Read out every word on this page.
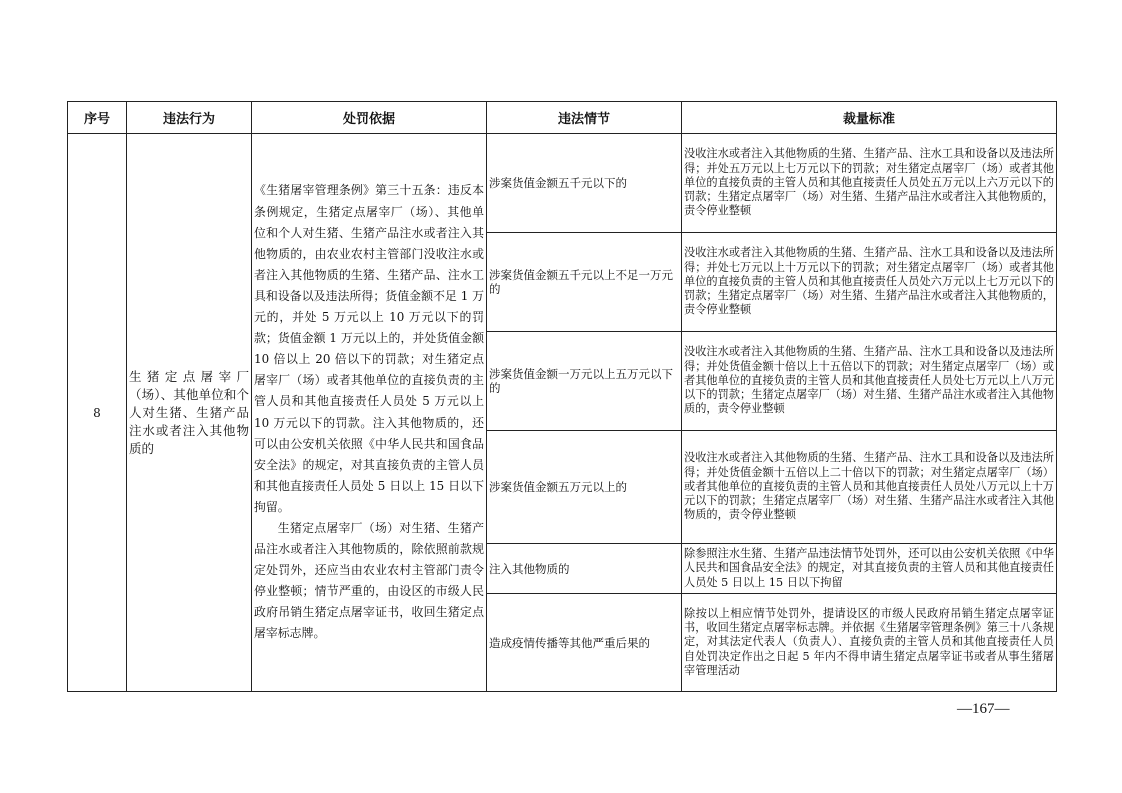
序号	违法行为	处罚依据	违法情节	裁量标准
8	生猪定点屠宰厂（场）、其他单位和个人对生猪、生猪产品注水或者注入其他物质的	《生猪屠宰管理条例》第三十五条：违反本条例规定，生猪定点屠宰厂（场）、其他单位和个人对生猪、生猪产品注水或者注入其他物质的，由农业农村主管部门没收注水或者注入其他物质的生猪、生猪产品、注水工具和设备以及违法所得；货值金额不足 1 万元的，并处 5 万元以上 10 万元以下的罚款；货值金额 1 万元以上的，并处货值金额 10 倍以上 20 倍以下的罚款；对生猪定点屠宰厂（场）或者其他单位的直接负责的主管人员和其他直接责任人员处 5 万元以上 10 万元以下的罚款。注入其他物质的，还可以由公安机关依照《中华人民共和国食品安全法》的规定，对其直接负责的主管人员和其他直接责任人员处 5 日以上 15 日以下拘留。

生猪定点屠宰厂（场）对生猪、生猪产品注水或者注入其他物质的，除依照前款规定处罚外，还应当由农业农村主管部门责令停业整顿；情节严重的，由设区的市级人民政府吊销生猪定点屠宰证书，收回生猪定点屠宰标志牌。	涉案货值金额五千元以下的	没收注水或者注入其他物质的生猪、生猪产品、注水工具和设备以及违法所得；并处五万元以上七万元以下的罚款；对生猪定点屠宰厂（场）或者其他单位的直接负责的主管人员和其他直接责任人员处五万元以上六万元以下的罚款；生猪定点屠宰厂（场）对生猪、生猪产品注水或者注入其他物质的，责令停业整顿
			涉案货值金额五千元以上不足一万元的	没收注水或者注入其他物质的生猪、生猪产品、注水工具和设备以及违法所得；并处七万元以上十万元以下的罚款；对生猪定点屠宰厂（场）或者其他单位的直接负责的主管人员和其他直接责任人员处六万元以上七万元以下的罚款；生猪定点屠宰厂（场）对生猪、生猪产品注水或者注入其他物质的，责令停业整顿
			涉案货值金额一万元以上五万元以下的	没收注水或者注入其他物质的生猪、生猪产品、注水工具和设备以及违法所得；并处货值金额十倍以上十五倍以下的罚款；对生猪定点屠宰厂（场）或者其他单位的直接负责的主管人员和其他直接责任人员处七万元以上八万元以下的罚款；生猪定点屠宰厂（场）对生猪、生猪产品注水或者注入其他物质的，责令停业整顿
			涉案货值金额五万元以上的	没收注水或者注入其他物质的生猪、生猪产品、注水工具和设备以及违法所得；并处货值金额十五倍以上二十倍以下的罚款；对生猪定点屠宰厂（场）或者其他单位的直接负责的主管人员和其他直接责任人员处八万元以上十万元以下的罚款；生猪定点屠宰厂（场）对生猪、生猪产品注水或者注入其他物质的，责令停业整顿
			注入其他物质的	除参照注水生猪、生猪产品违法情节处罚外，还可以由公安机关依照《中华人民共和国食品安全法》的规定，对其直接负责的主管人员和其他直接责任人员处 5 日以上 15 日以下拘留
			造成疫情传播等其他严重后果的	除按以上相应情节处罚外，提请设区的市级人民政府吊销生猪定点屠宰证书，收回生猪定点屠宰标志牌。并依据《生猪屠宰管理条例》第三十八条规定，对其法定代表人（负责人）、直接负责的主管人员和其他直接责任人员自处罚决定作出之日起 5 年内不得申请生猪定点屠宰证书或者从事生猪屠宰管理活动
—167—
